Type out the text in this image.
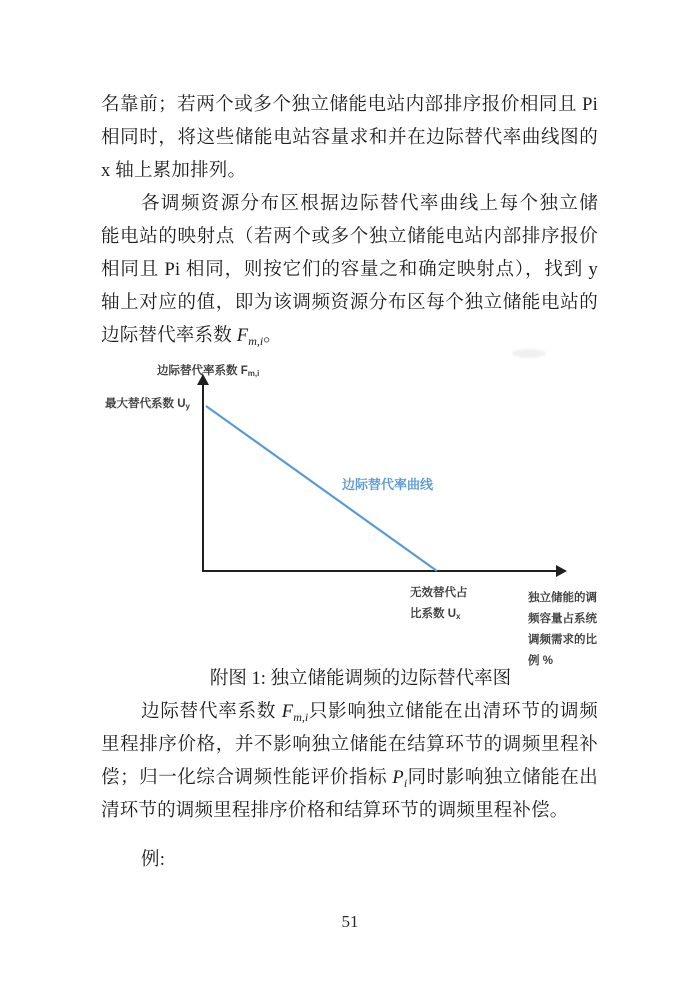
名靠前；若两个或多个独立储能电站内部排序报价相同且 Pi
相同时，将这些储能电站容量求和并在边际替代率曲线图的
x 轴上累加排列。
各调频资源分布区根据边际替代率曲线上每个独立储
能电站的映射点（若两个或多个独立储能电站内部排序报价
相同且 Pi 相同，则按它们的容量之和确定映射点），找到 y
轴上对应的值，即为该调频资源分布区每个独立储能电站的
边际替代率系数 $F_{m,i}$。
边际替代率系数 Fm,i
最大替代系数 Uy
边际替代率曲线
无效替代占
比系数 Ux
独立储能的调
频容量占系统
调频需求的比
例 %
附图 1: 独立储能调频的边际替代率图
边际替代率系数 $F_{m,i}$只影响独立储能在出清环节的调频
里程排序价格，并不影响独立储能在结算环节的调频里程补
偿；归一化综合调频性能评价指标 $P_i$同时影响独立储能在出
清环节的调频里程排序价格和结算环节的调频里程补偿。
例:
51
